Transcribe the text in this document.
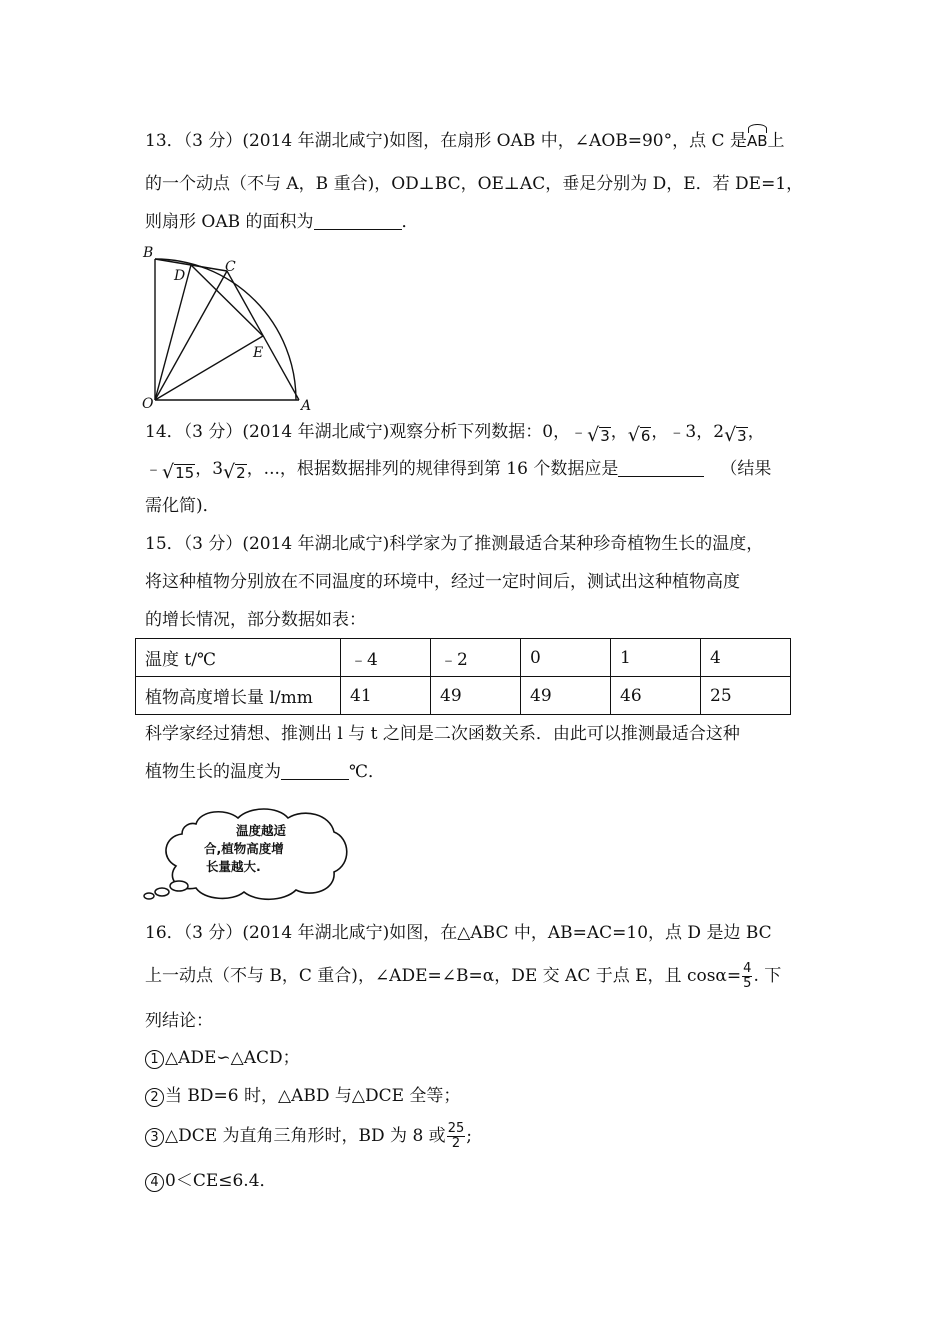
13．（3 分）(2014 年湖北咸宁)如图，在扇形 OAB 中，∠AOB=90°，点 C 是AB上
的一个动点（不与 A，B 重合)，OD⊥BC，OE⊥AC，垂足分别为 D，E．若 DE=1，
则扇形 OAB 的面积为	．
B
D
C
E
O	A
14．（3 分）(2014 年湖北咸宁)观察分析下列数据：0，﹣ √ 3 ， √ 6 ，﹣3，2 √ 3 ，
﹣ √ 15 ，3 √ 2 ，...，根据数据排列的规律得到第 16 个数据应是	（结果
需化简)．
15．（3 分）(2014 年湖北咸宁)科学家为了推测最适合某种珍奇植物生长的温度，
将这种植物分别放在不同温度的环境中，经过一定时间后，测试出这种植物高度
的增长情况，部分数据如表：
温度 t/℃	﹣4	﹣2	0	1	4
植物高度增长量 l/mm	41	49	49	46	25
科学家经过猜想、推测出 l 与 t 之间是二次函数关系．由此可以推测最适合这种
植物生长的温度为	℃．
温度越适
合,植物高度增
长量越大.
16．（3 分）(2014 年湖北咸宁)如图，在△ABC 中，AB=AC=10，点 D 是边 BC
上一动点（不与 B，C 重合)，∠ADE=∠B=α，DE 交 AC 于点 E，且 $\cos\alpha= \frac{4}{5}$ . 下
列结论：
1 △ADE∽△ACD；
2 当 BD=6 时，△ABD 与△DCE 全等；
3 △DCE 为直角三角形时，BD 为 8 或 $\frac{25}{2}$ ;
4 0＜CE≤6.4．
